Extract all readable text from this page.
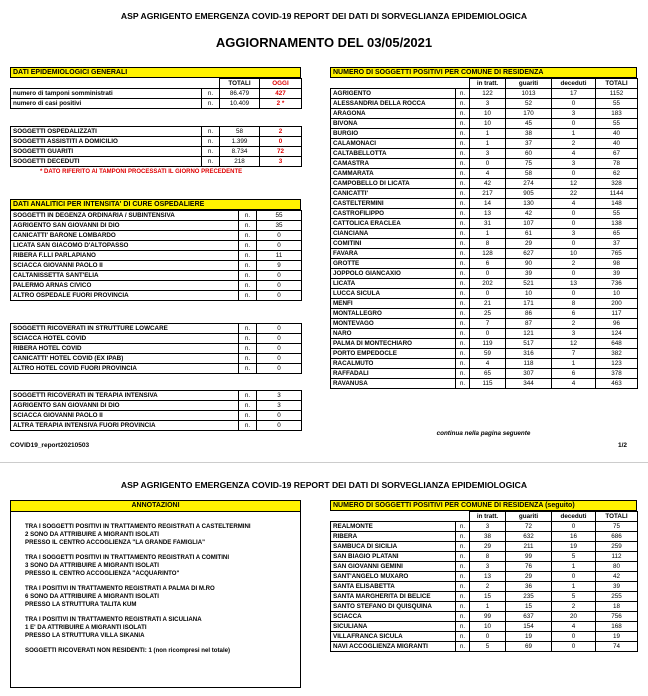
ASP AGRIGENTO EMERGENZA COVID-19 REPORT DEI DATI DI SORVEGLIANZA EPIDEMIOLOGICA
AGGIORNAMENTO DEL 03/05/2021
DATI EPIDEMIOLOGICI GENERALI
		TOTALI	OGGI
numero di tamponi somministrati	n.	86.479	427
numero di casi positivi	n.	10.409	2 *
SOGGETTI OSPEDALIZZATI	n.	58	2
SOGGETTI ASSISTITI A DOMICILIO	n.	1.399	0
SOGGETTI GUARITI	n.	8.734	72
SOGGETTI DECEDUTI	n.	218	3
* DATO RIFERITO AI TAMPONI PROCESSATI IL GIORNO PRECEDENTE
DATI ANALITICI PER INTENSITA' DI CURE OSPEDALIERE
SOGGETTI IN DEGENZA ORDINARIA / SUBINTENSIVA	n.	55
AGRIGENTO SAN GIOVANNI DI DIO	n.	35
CANICATTI' BARONE LOMBARDO	n.	0
LICATA SAN GIACOMO D'ALTOPASSO	n.	0
RIBERA F.LLI PARLAPIANO	n.	11
SCIACCA GIOVANNI PAOLO II	n.	9
CALTANISSETTA SANT'ELIA	n.	0
PALERMO ARNAS CIVICO	n.	0
ALTRO OSPEDALE FUORI PROVINCIA	n.	0
SOGGETTI RICOVERATI IN STRUTTURE LOWCARE	n.	0
SCIACCA HOTEL COVID	n.	0
RIBERA HOTEL COVID	n.	0
CANICATTI' HOTEL COVID (EX IPAB)	n.	0
ALTRO HOTEL COVID FUORI PROVINCIA	n.	0
SOGGETTI RICOVERATI IN TERAPIA INTENSIVA	n.	3
AGRIGENTO SAN GIOVANNI DI DIO	n.	3
SCIACCA GIOVANNI PAOLO II	n.	0
ALTRA TERAPIA INTENSIVA FUORI PROVINCIA	n.	0
COVID19_report20210503	1/2
NUMERO DI SOGGETTI POSITIVI PER COMUNE DI RESIDENZA
		in tratt.	guariti	deceduti	TOTALI
AGRIGENTO	n.	122	1013	17	1152
ALESSANDRIA DELLA ROCCA	n.	3	52	0	55
ARAGONA	n.	10	170	3	183
BIVONA	n.	10	45	0	55
BURGIO	n.	1	38	1	40
CALAMONACI	n.	1	37	2	40
CALTABELLOTTA	n.	3	60	4	67
CAMASTRA	n.	0	75	3	78
CAMMARATA	n.	4	58	0	62
CAMPOBELLO DI LICATA	n.	42	274	12	328
CANICATTI'	n.	217	905	22	1144
CASTELTERMINI	n.	14	130	4	148
CASTROFILIPPO	n.	13	42	0	55
CATTOLICA ERACLEA	n.	31	107	0	138
CIANCIANA	n.	1	61	3	65
COMITINI	n.	8	29	0	37
FAVARA	n.	128	627	10	765
GROTTE	n.	6	90	2	98
JOPPOLO GIANCAXIO	n.	0	39	0	39
LICATA	n.	202	521	13	736
LUCCA SICULA	n.	0	10	0	10
MENFI	n.	21	171	8	200
MONTALLEGRO	n.	25	86	6	117
MONTEVAGO	n.	7	87	2	96
NARO	n.	0	121	3	124
PALMA DI MONTECHIARO	n.	119	517	12	648
PORTO EMPEDOCLE	n.	59	316	7	382
RACALMUTO	n.	4	118	1	123
RAFFADALI	n.	65	307	6	378
RAVANUSA	n.	115	344	4	463
continua nella pagina seguente
ASP AGRIGENTO EMERGENZA COVID-19 REPORT DEI DATI DI SORVEGLIANZA EPIDEMIOLOGICA
ANNOTAZIONI
TRA I SOGGETTI POSITIVI IN TRATTAMENTO REGISTRATI A CASTELTERMINI
2 SONO DA ATTRIBUIRE A MIGRANTI ISOLATI
PRESSO IL CENTRO ACCOGLIENZA "LA GRANDE FAMIGLIA"
TRA I SOGGETTI POSITIVI IN TRATTAMENTO REGISTRATI A COMITINI
3 SONO DA ATTRIBUIRE A MIGRANTI ISOLATI
PRESSO IL CENTRO ACCOGLIENZA "ACQUARINTO"
TRA I POSITIVI IN TRATTAMENTO REGISTRATI A PALMA DI M.RO
6 SONO DA ATTRIBUIRE A MIGRANTI ISOLATI
PRESSO LA STRUTTURA TALITA KUM
TRA I POSITIVI IN TRATTAMENTO REGISTRATI A SICULIANA
1 E' DA ATTRIBUIRE A MIGRANTI ISOLATI
PRESSO LA STRUTTURA VILLA SIKANIA
SOGGETTI RICOVERATI NON RESIDENTI: 1 (non ricompresi nel totale)
NUMERO DI SOGGETTI POSITIVI PER COMUNE DI RESIDENZA (seguito)
		in tratt.	guariti	deceduti	TOTALI
REALMONTE	n.	3	72	0	75
RIBERA	n.	38	632	16	686
SAMBUCA DI SICILIA	n.	29	211	19	259
SAN BIAGIO PLATANI	n.	8	99	5	112
SAN GIOVANNI GEMINI	n.	3	76	1	80
SANT'ANGELO MUXARO	n.	13	29	0	42
SANTA ELISABETTA	n.	2	36	1	39
SANTA MARGHERITA DI BELICE	n.	15	235	5	255
SANTO STEFANO DI QUISQUINA	n.	1	15	2	18
SCIACCA	n.	99	637	20	756
SICULIANA	n.	10	154	4	168
VILLAFRANCA SICULA	n.	0	19	0	19
NAVI ACCOGLIENZA MIGRANTI	n.	5	69	0	74
